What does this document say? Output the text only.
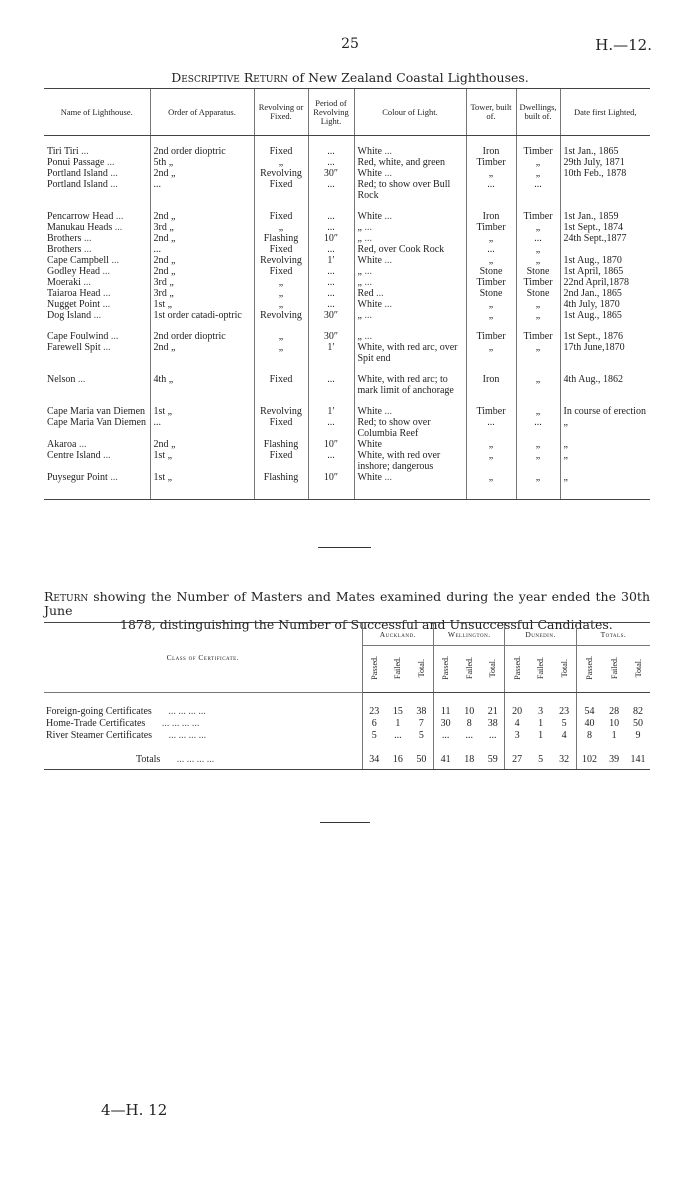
25	H.—12.
Descriptive Return of New Zealand Coastal Lighthouses.
Name of Lighthouse.	Order of Apparatus.	Revolving or Fixed.	Period of Revolving Light.	Colour of Light.	Tower, built of.	Dwellings, built of.	Date first Lighted,
Tiri Tiri ...	2nd order dioptric	Fixed	...	White ...	Iron	Timber	1st Jan., 1865
Ponui Passage ...	5th „	„	...	Red, white, and green	Timber	„	29th July, 1871
Portland Island ...	2nd „	Revolving	30″	White ...	„	„	10th Feb., 1878
Portland Island ...	...	Fixed	...	Red; to show over Bull Rock	...	...	
Pencarrow Head ...	2nd „	Fixed	...	White ...	Iron	Timber	1st Jan., 1859
Manukau Heads ...	3rd „	„	...	„ ...	Timber	„	1st Sept., 1874
Brothers ...	2nd „	Flashing	10″	„ ...	„	...	24th Sept.,1877
Brothers ...	...	Fixed	...	Red, over Cook Rock	...	„	
Cape Campbell ...	2nd „	Revolving	1′	White ...	„	„	1st Aug., 1870
Godley Head ...	2nd „	Fixed	...	„ ...	Stone	Stone	1st April, 1865
Moeraki ...	3rd „	„	...	„ ...	Timber	Timber	22nd April,1878
Taiaroa Head ...	3rd „	„	...	Red ...	Stone	Stone	2nd Jan., 1865
Nugget Point ...	1st „	„	...	White ...	„	„	4th July, 1870
Dog Island ...	1st order catadi-optric	Revolving	30″	„ ...	„	„	1st Aug., 1865
Cape Foulwind ...	2nd order dioptric	„	30″	„ ...	Timber	Timber	1st Sept., 1876
Farewell Spit ...	2nd „	„	1′	White, with red arc, over Spit end	„	„	17th June,1870
Nelson ...	4th „	Fixed	...	White, with red arc; to mark limit of anchorage	Iron	„	4th Aug., 1862
Cape Maria van Diemen	1st „	Revolving	1′	White ...	Timber	„	In course of erection
Cape Maria Van Diemen	...	Fixed	...	Red; to show over Columbia Reef	...	...	„
Akaroa ...	2nd „	Flashing	10″	White	„	„	„
Centre Island ...	1st „	Fixed	...	White, with red over inshore; dangerous	„	„	„
Puysegur Point ...	1st „	Flashing	10″	White ...	„	„	„
Return showing the Number of Masters and Mates examined during the year ended the 30th June
1878, distinguishing the Number of Successful and Unsuccessful Candidates.
Class of Certificate.	Auckland.			Wellington.			Dunedin.			Totals.		
	Passed.	Failed.	Total.	Passed.	Failed.	Total.	Passed.	Failed.	Total.	Passed.	Failed.	Total.
Foreign-going Certificates ... ... ... ...	23	15	38	11	10	21	20	3	23	54	28	82
Home-Trade Certificates ... ... ... ...	6	1	7	30	8	38	4	1	5	40	10	50
River Steamer Certificates ... ... ... ...	5	...	5	...	...	...	3	1	4	8	1	9
Totals ... ... ... ...	34	16	50	41	18	59	27	5	32	102	39	141
4—H. 12
